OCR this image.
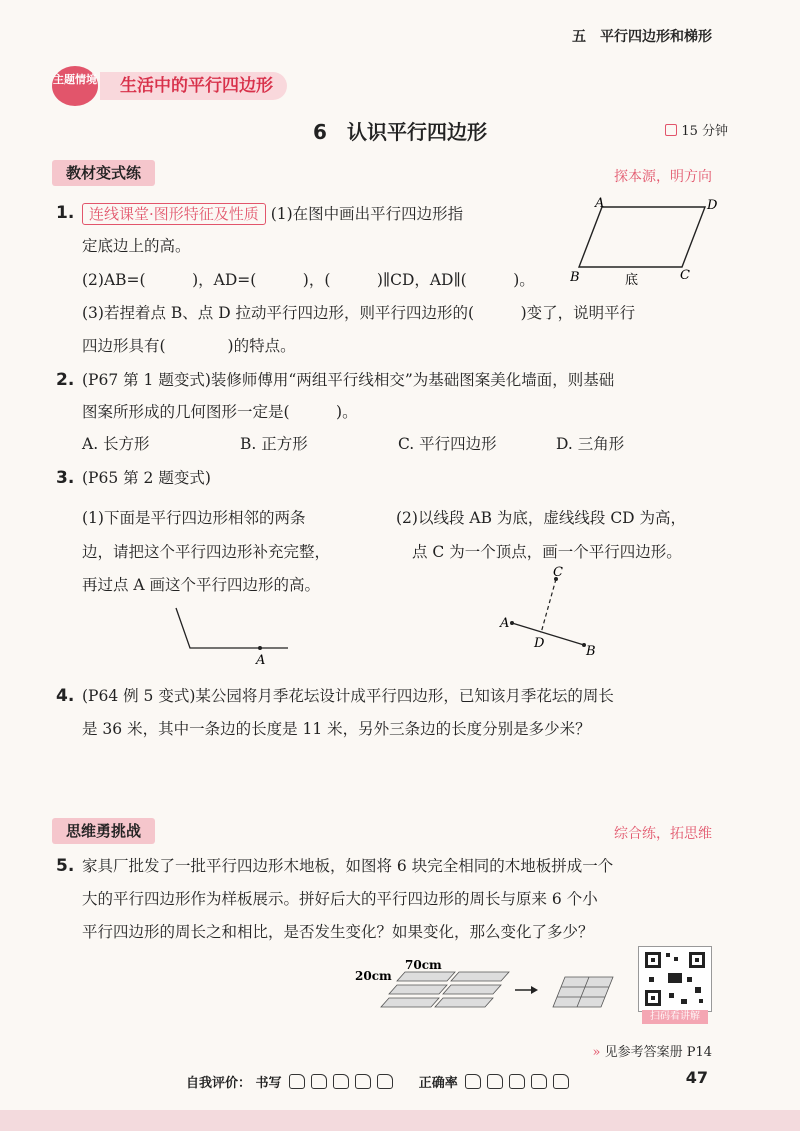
五　平行四边形和梯形
主题情境	生活中的平行四边形
6　认识平行四边形	15 分钟
教材变式练	探本源，明方向
1. 连线课堂·图形特征及性质 (1)在图中画出平行四边形指
定底边上的高。
(2)AB=(　　　)，AD=(　　　)，(　　　)∥CD，AD∥(　　　)。
(3)若捏着点 B、点 D 拉动平行四边形，则平行四边形的(　　　)变了，说明平行
四边形具有(　　　　)的特点。
A	D
B	C
底
2. (P67 第 1 题变式)装修师傅用“两组平行线相交”为基础图案美化墙面，则基础
图案所形成的几何图形一定是(　　　)。
A. 长方形	B. 正方形	C. 平行四边形	D. 三角形
3. (P65 第 2 题变式)
(1)下面是平行四边形相邻的两条
边，请把这个平行四边形补充完整，
再过点 A 画这个平行四边形的高。
(2)以线段 AB 为底，虚线线段 CD 为高，
点 C 为一个顶点，画一个平行四边形。
A
A
B
C
D
4. (P64 例 5 变式)某公园将月季花坛设计成平行四边形，已知该月季花坛的周长
是 36 米，其中一条边的长度是 11 米，另外三条边的长度分别是多少米？
思维勇挑战	综合练，拓思维
5. 家具厂批发了一批平行四边形木地板，如图将 6 块完全相同的木地板拼成一个
大的平行四边形作为样板展示。拼好后大的平行四边形的周长与原来 6 个小
平行四边形的周长之和相比，是否发生变化？如果变化，那么变化了多少？
70cm
20cm
扫码看讲解
» 见参考答案册 P14
自我评价： 书写	正确率	47
